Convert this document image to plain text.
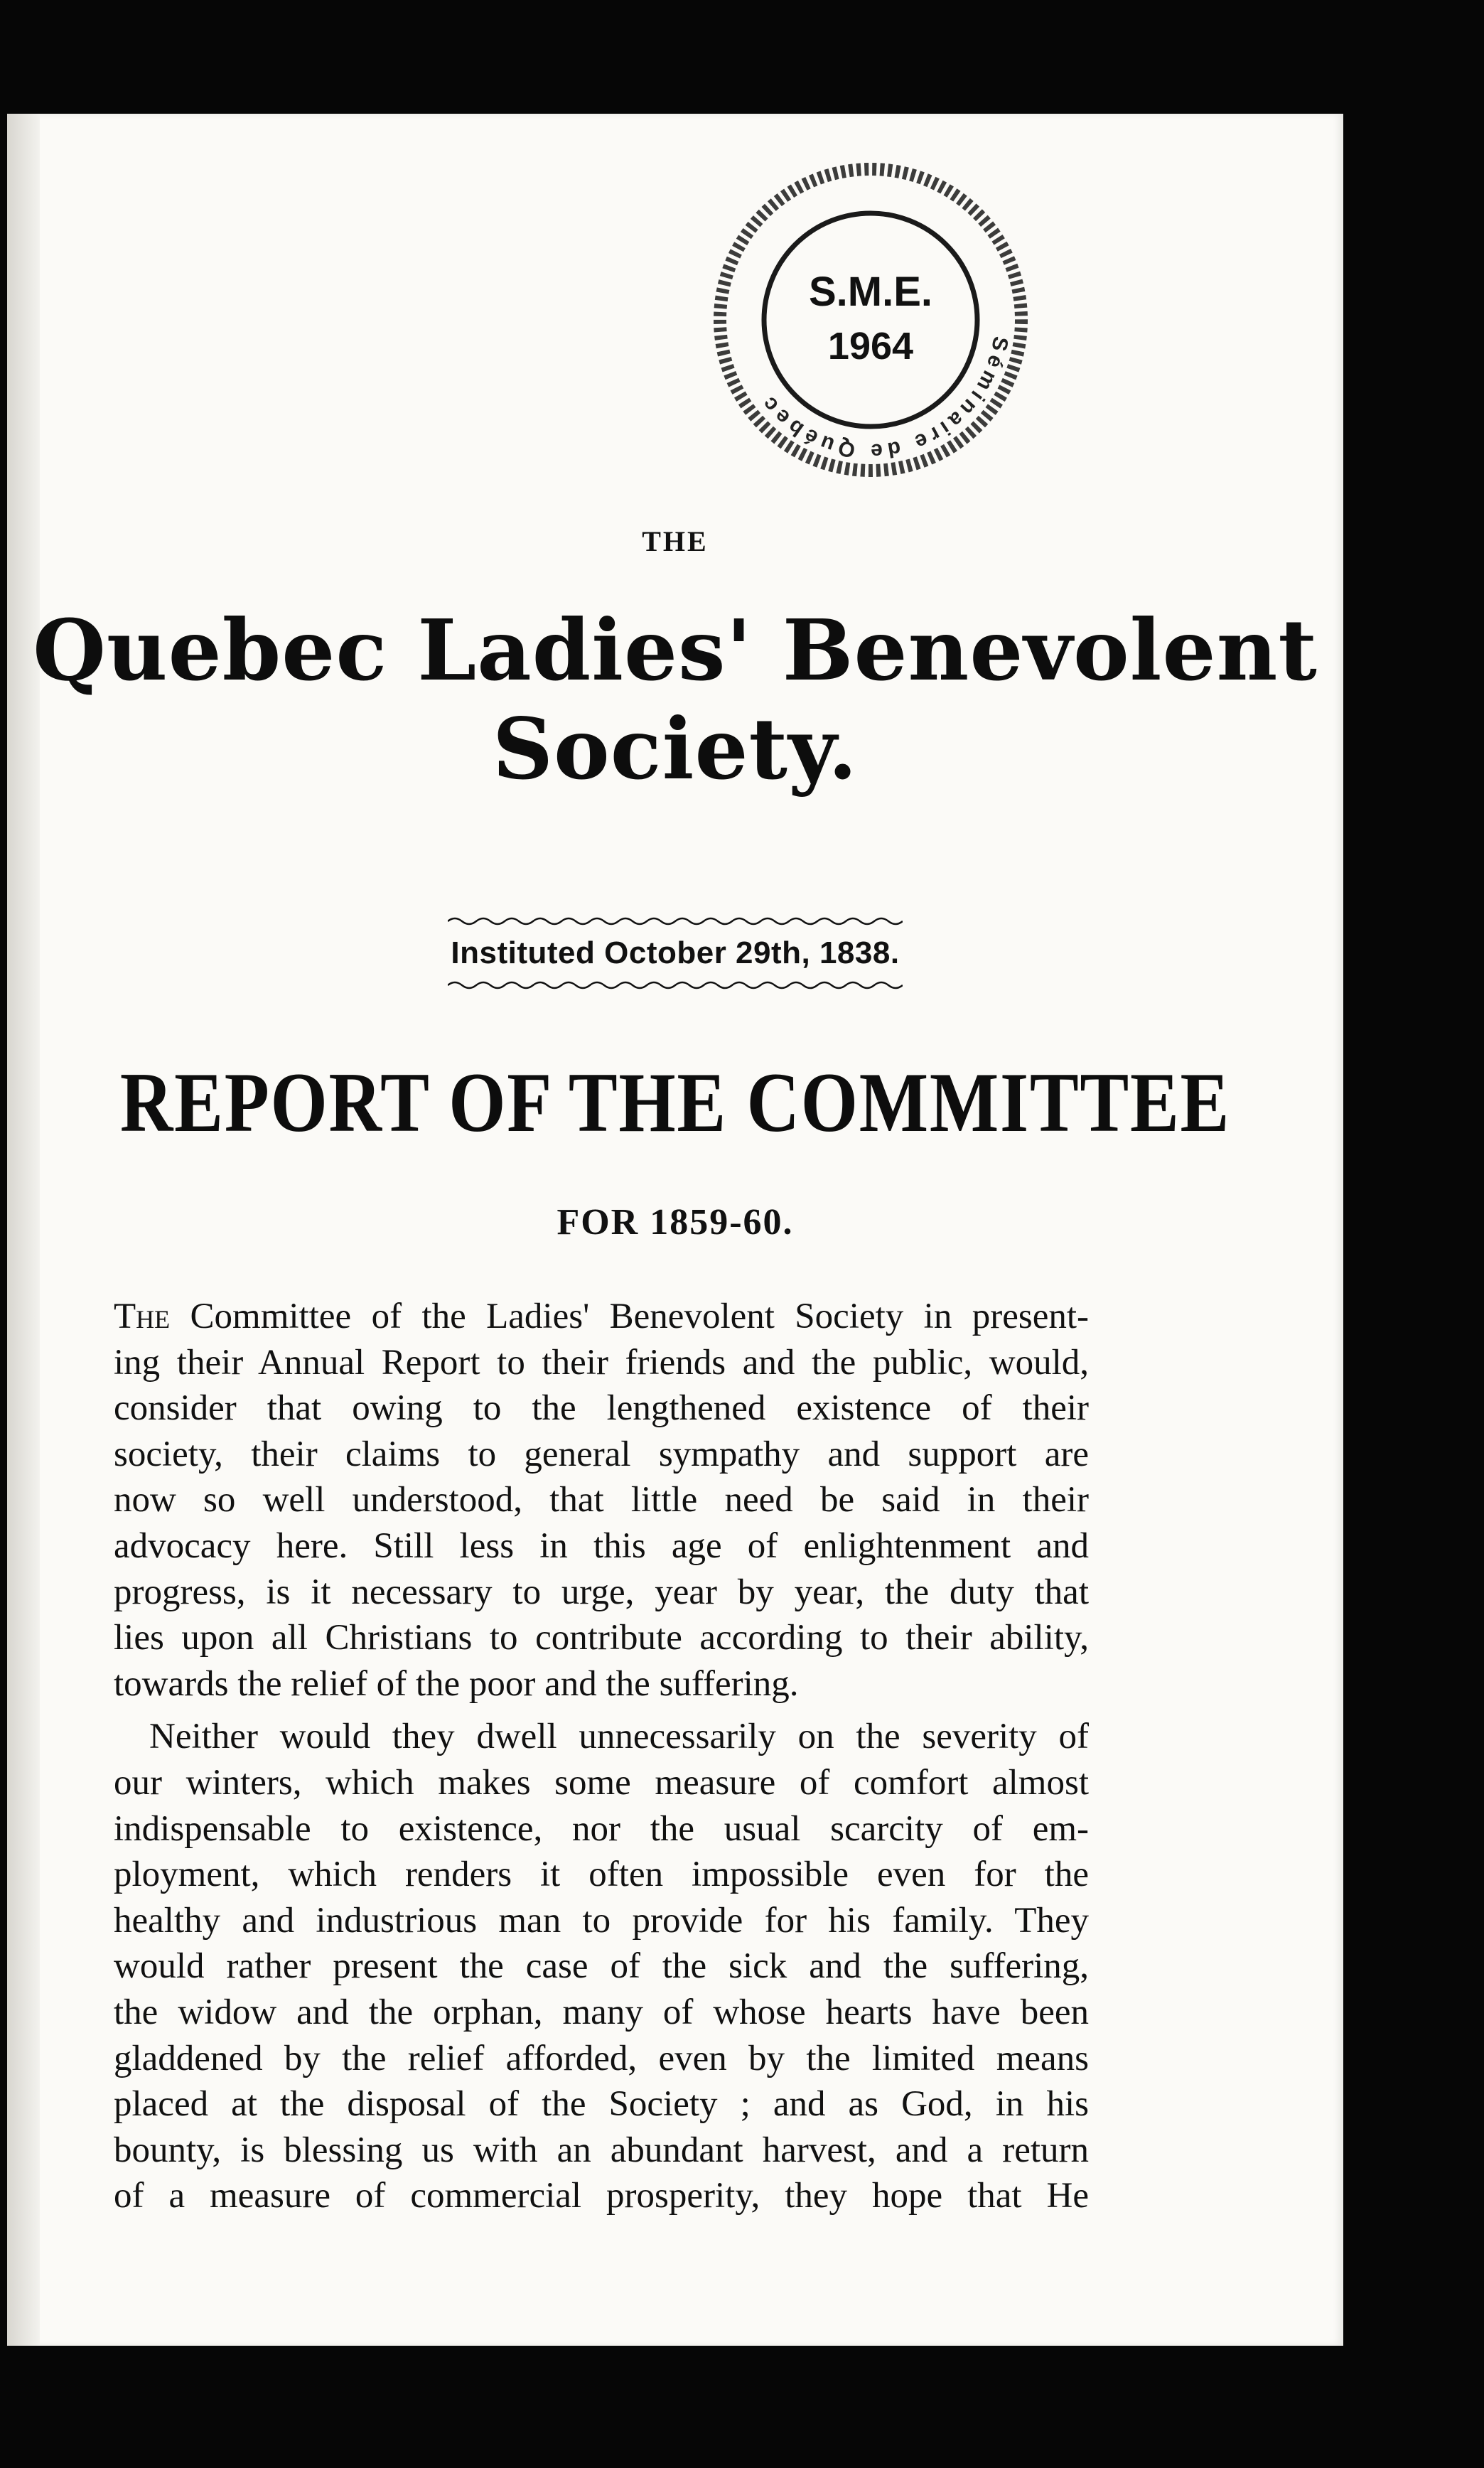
Séminaire de Québec
S.M.E.
1964
THE
Quebec Ladies' Benevolent Society.
Instituted October 29th, 1838.
REPORT OF THE COMMITTEE
FOR 1859-60.

The Committee of the Ladies' Benevolent Society in present-
ing their Annual Report to their friends and the public, would,
consider that owing to the lengthened existence of their
society, their claims to general sympathy and support are
now so well understood, that little need be said in their
advocacy here. Still less in this age of enlightenment and
progress, is it necessary to urge, year by year, the duty that
lies upon all Christians to contribute according to their ability,
towards the relief of the poor and the suffering.

Neither would they dwell unnecessarily on the severity of
our winters, which makes some measure of comfort almost
indispensable to existence, nor the usual scarcity of em-
ployment, which renders it often impossible even for the
healthy and industrious man to provide for his family. They
would rather present the case of the sick and the suffering,
the widow and the orphan, many of whose hearts have been
gladdened by the relief afforded, even by the limited means
placed at the disposal of the Society ; and as God, in his
bounty, is blessing us with an abundant harvest, and a return
of a measure of commercial prosperity, they hope that He
